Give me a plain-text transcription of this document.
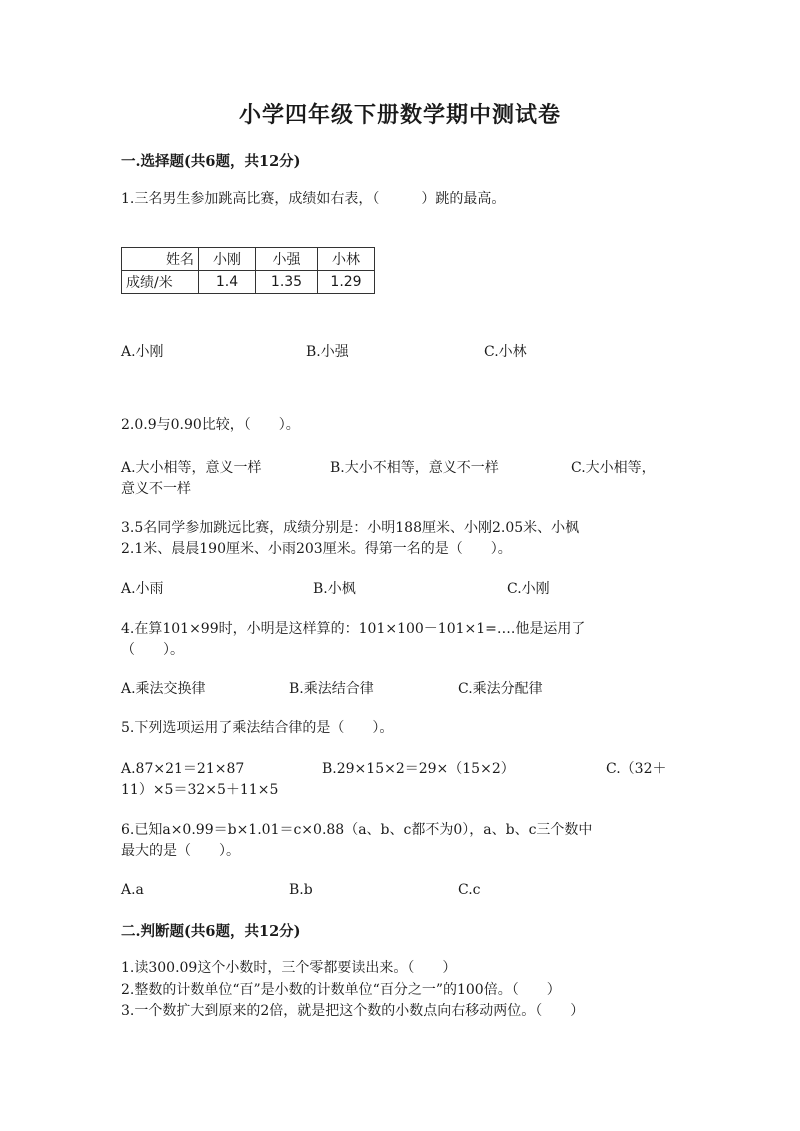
小学四年级下册数学期中测试卷
一.选择题(共6题，共12分)
1.三名男生参加跳高比赛，成绩如右表，（　　　）跳的最高。
姓名	小刚	小强	小林
成绩/米	1.4	1.35	1.29
A.小刚	B.小强	C.小林
2.0.9与0.90比较，（　　）。
A.大小相等，意义一样	B.大小不相等，意义不一样	C.大小相等，
意义不一样
3.5名同学参加跳远比赛，成绩分别是：小明188厘米、小刚2.05米、小枫
2.1米、晨晨190厘米、小雨203厘米。得第一名的是（　　）。
A.小雨	B.小枫	C.小刚
4.在算101×99时，小明是这样算的：101×100－101×1=….他是运用了
（　　）。
A.乘法交换律	B.乘法结合律	C.乘法分配律
5.下列选项运用了乘法结合律的是（　　）。
A.87×21＝21×87	B.29×15×2＝29×（15×2）	C.（32＋
11）×5＝32×5＋11×5
6.已知a×0.99＝b×1.01＝c×0.88（a、b、c都不为0），a、b、c三个数中
最大的是（　　）。
A.a	B.b	C.c
二.判断题(共6题，共12分)
1.读300.09这个小数时，三个零都要读出来。（　　）
2.整数的计数单位“百”是小数的计数单位“百分之一”的100倍。（　　）
3.一个数扩大到原来的2倍，就是把这个数的小数点向右移动两位。（　　）
